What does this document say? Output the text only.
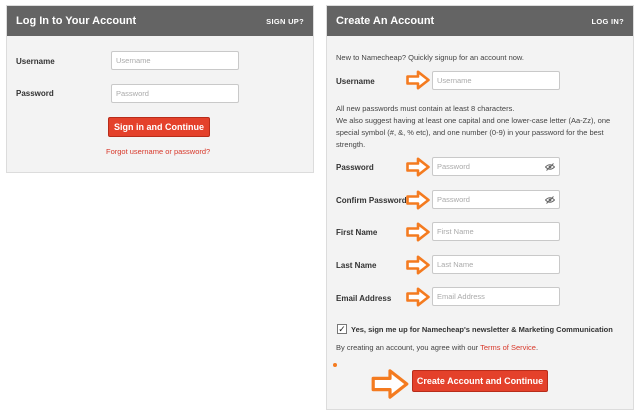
Log In to Your Account	SIGN UP?
Username	Username
Password	Password
Sign in and Continue
Forgot username or password?
Create An Account	LOG IN?
New to Namecheap? Quickly signup for an account now.
Username	Username
All new passwords must contain at least 8 characters.
We also suggest having at least one capital and one lower-case letter (Aa-Zz), one
special symbol (#, &, % etc), and one number (0-9) in your password for the best
strength.
Password	Password
Confirm Password	Password
First Name	First Name
Last Name	Last Name
Email Address	Email Address
✓ Yes, sign me up for Namecheap's newsletter & Marketing Communication
By creating an account, you agree with our Terms of Service.
Create Account and Continue
